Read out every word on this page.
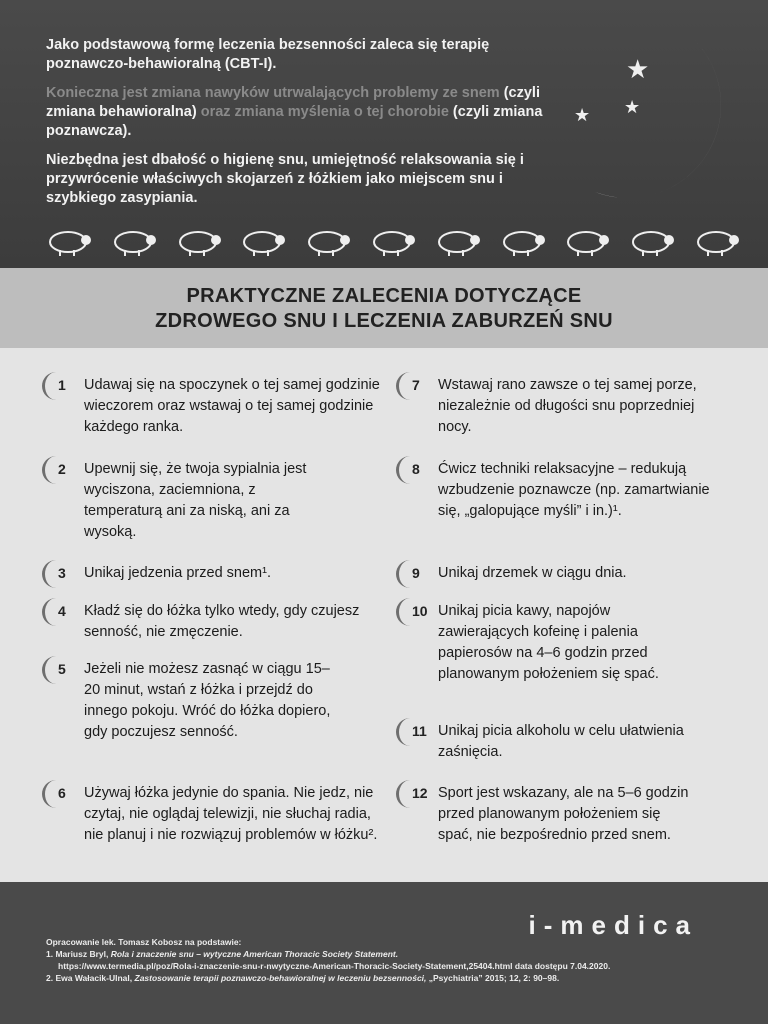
Jako podstawową formę leczenia bezsenności zaleca się terapię poznawczo-behawioralną (CBT-I).

Konieczna jest zmiana nawyków utrwalających problemy ze snem (czyli zmiana behawioralna) oraz zmiana myślenia o tej chorobie (czyli zmiana poznawcza).

Niezbędna jest dbałość o higienę snu, umiejętność relaksowania się i przywrócenie właściwych skojarzeń z łóżkiem jako miejscem snu i szybkiego zasypiania.

★
★
★
PRAKTYCZNE ZALECENIA DOTYCZĄCE
ZDROWEGO SNU I LECZENIA ZABURZEŃ SNU
1 Udawaj się na spoczynek o tej samej godzinie wieczorem oraz wstawaj o tej samej godzinie każdego ranka.
2 Upewnij się, że twoja sypialnia jest wyciszona, zaciemniona, z temperaturą ani za niską, ani za wysoką.
3 Unikaj jedzenia przed snem¹.
4 Kładź się do łóżka tylko wtedy, gdy czujesz senność, nie zmęczenie.
5 Jeżeli nie możesz zasnąć w ciągu 15–20 minut, wstań z łóżka i przejdź do innego pokoju. Wróć do łóżka dopiero, gdy poczujesz senność.
6 Używaj łóżka jedynie do spania. Nie jedz, nie czytaj, nie oglądaj telewizji, nie słuchaj radia, nie planuj i nie rozwiązuj problemów w łóżku².
7 Wstawaj rano zawsze o tej samej porze, niezależnie od długości snu poprzedniej nocy.
8 Ćwicz techniki relaksacyjne – redukują wzbudzenie poznawcze (np. zamartwianie się, „galopujące myśli” i in.)¹.
9 Unikaj drzemek w ciągu dnia.
10 Unikaj picia kawy, napojów zawierających kofeinę i palenia papierosów na 4–6 godzin przed planowanym położeniem się spać.
11 Unikaj picia alkoholu w celu ułatwienia zaśnięcia.
12 Sport jest wskazany, ale na 5–6 godzin przed planowanym położeniem się spać, nie bezpośrednio przed snem.
i-medica
Opracowanie lek. Tomasz Kobosz na podstawie:
1. Mariusz Bryl, Rola i znaczenie snu – wytyczne American Thoracic Society Statement.
https://www.termedia.pl/poz/Rola-i-znaczenie-snu-r-nwytyczne-American-Thoracic-Society-Statement,25404.html data dostępu 7.04.2020.
2. Ewa Wałacik-Ulnal, Zastosowanie terapii poznawczo-behawioralnej w leczeniu bezsenności, „Psychiatria” 2015; 12, 2: 90–98.
